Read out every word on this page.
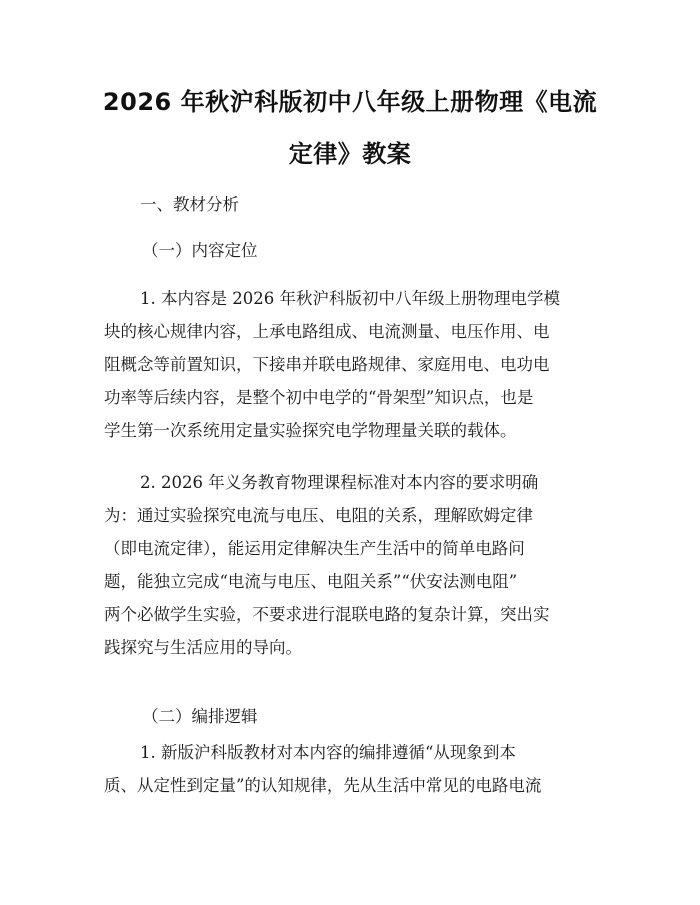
2026 年秋沪科版初中八年级上册物理《电流
定律》教案
一、教材分析
（一）内容定位
1. 本内容是 2026 年秋沪科版初中八年级上册物理电学模
块的核心规律内容，上承电路组成、电流测量、电压作用、电
阻概念等前置知识，下接串并联电路规律、家庭用电、电功电
功率等后续内容，是整个初中电学的“骨架型”知识点，也是
学生第一次系统用定量实验探究电学物理量关联的载体。
2. 2026 年义务教育物理课程标准对本内容的要求明确
为：通过实验探究电流与电压、电阻的关系，理解欧姆定律
（即电流定律），能运用定律解决生产生活中的简单电路问
题，能独立完成“电流与电压、电阻关系”“伏安法测电阻”
两个必做学生实验，不要求进行混联电路的复杂计算，突出实
践探究与生活应用的导向。
（二）编排逻辑
1. 新版沪科版教材对本内容的编排遵循“从现象到本
质、从定性到定量”的认知规律，先从生活中常见的电路电流
